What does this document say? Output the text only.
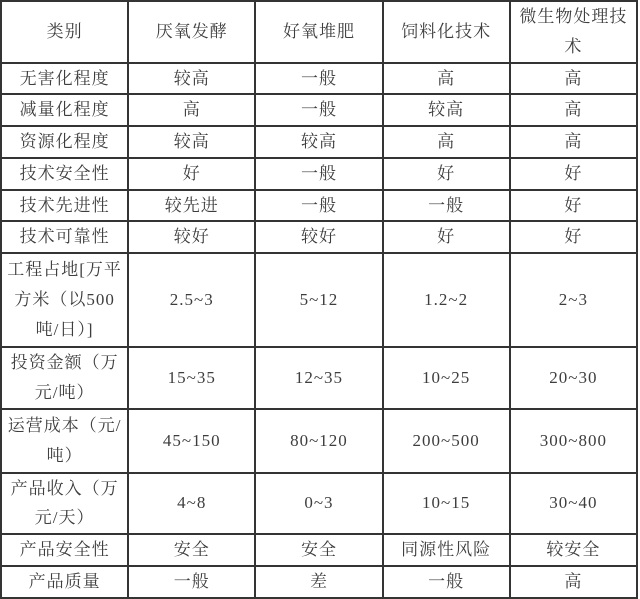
类别	厌氧发酵	好氧堆肥	饲料化技术	微生物处理技术
无害化程度	较高	一般	高	高
减量化程度	高	一般	较高	高
资源化程度	较高	较高	高	高
技术安全性	好	一般	好	好
技术先进性	较先进	一般	一般	好
技术可靠性	较好	较好	好	好
工程占地[万平方米（以500吨/日）]	2.5~3	5~12	1.2~2	2~3
投资金额（万元/吨）	15~35	12~35	10~25	20~30
运营成本（元/吨）	45~150	80~120	200~500	300~800
产品收入（万元/天）	4~8	0~3	10~15	30~40
产品安全性	安全	安全	同源性风险	较安全
产品质量	一般	差	一般	高
